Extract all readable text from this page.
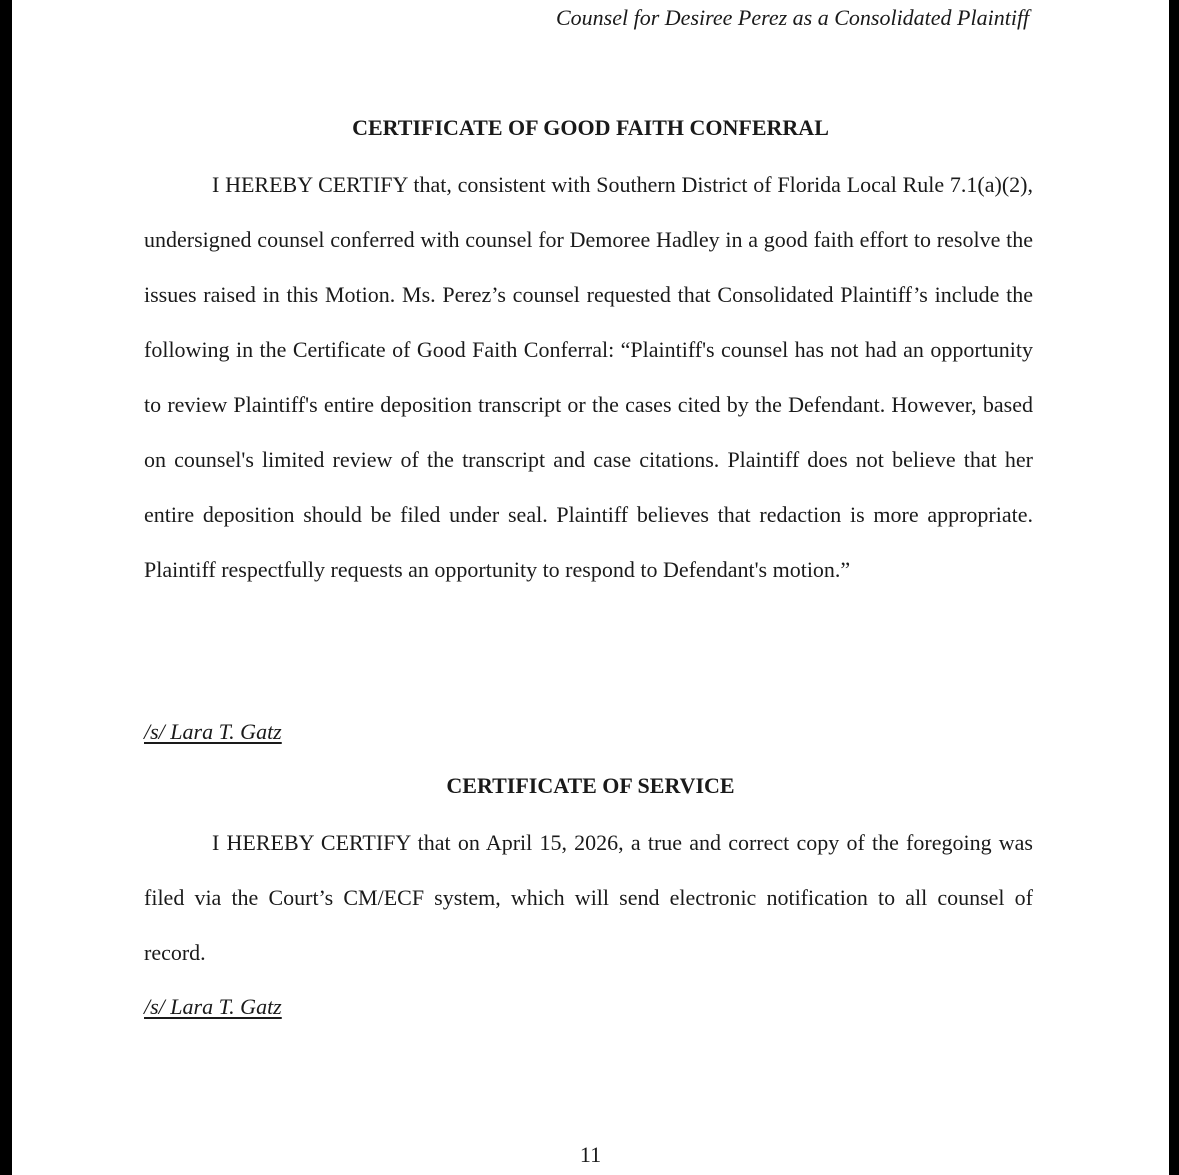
Counsel for Desiree Perez as a Consolidated Plaintiff
CERTIFICATE OF GOOD FAITH CONFERRAL

I HEREBY CERTIFY that, consistent with Southern District of Florida Local Rule 7.1(a)(2), undersigned counsel conferred with counsel for Demoree Hadley in a good faith effort to resolve the issues raised in this Motion. Ms. Perez’s counsel requested that Consolidated Plaintiff’s include the following in the Certificate of Good Faith Conferral: “Plaintiff's counsel has not had an opportunity to review Plaintiff's entire deposition transcript or the cases cited by the Defendant. However, based on counsel's limited review of the transcript and case citations. Plaintiff does not believe that her entire deposition should be filed under seal. Plaintiff believes that redaction is more appropriate. Plaintiff respectfully requests an opportunity to respond to Defendant's motion.”

/s/ Lara T. Gatz
CERTIFICATE OF SERVICE

I HEREBY CERTIFY that on April 15, 2026, a true and correct copy of the foregoing was filed via the Court’s CM/ECF system, which will send electronic notification to all counsel of record.

/s/ Lara T. Gatz
11
